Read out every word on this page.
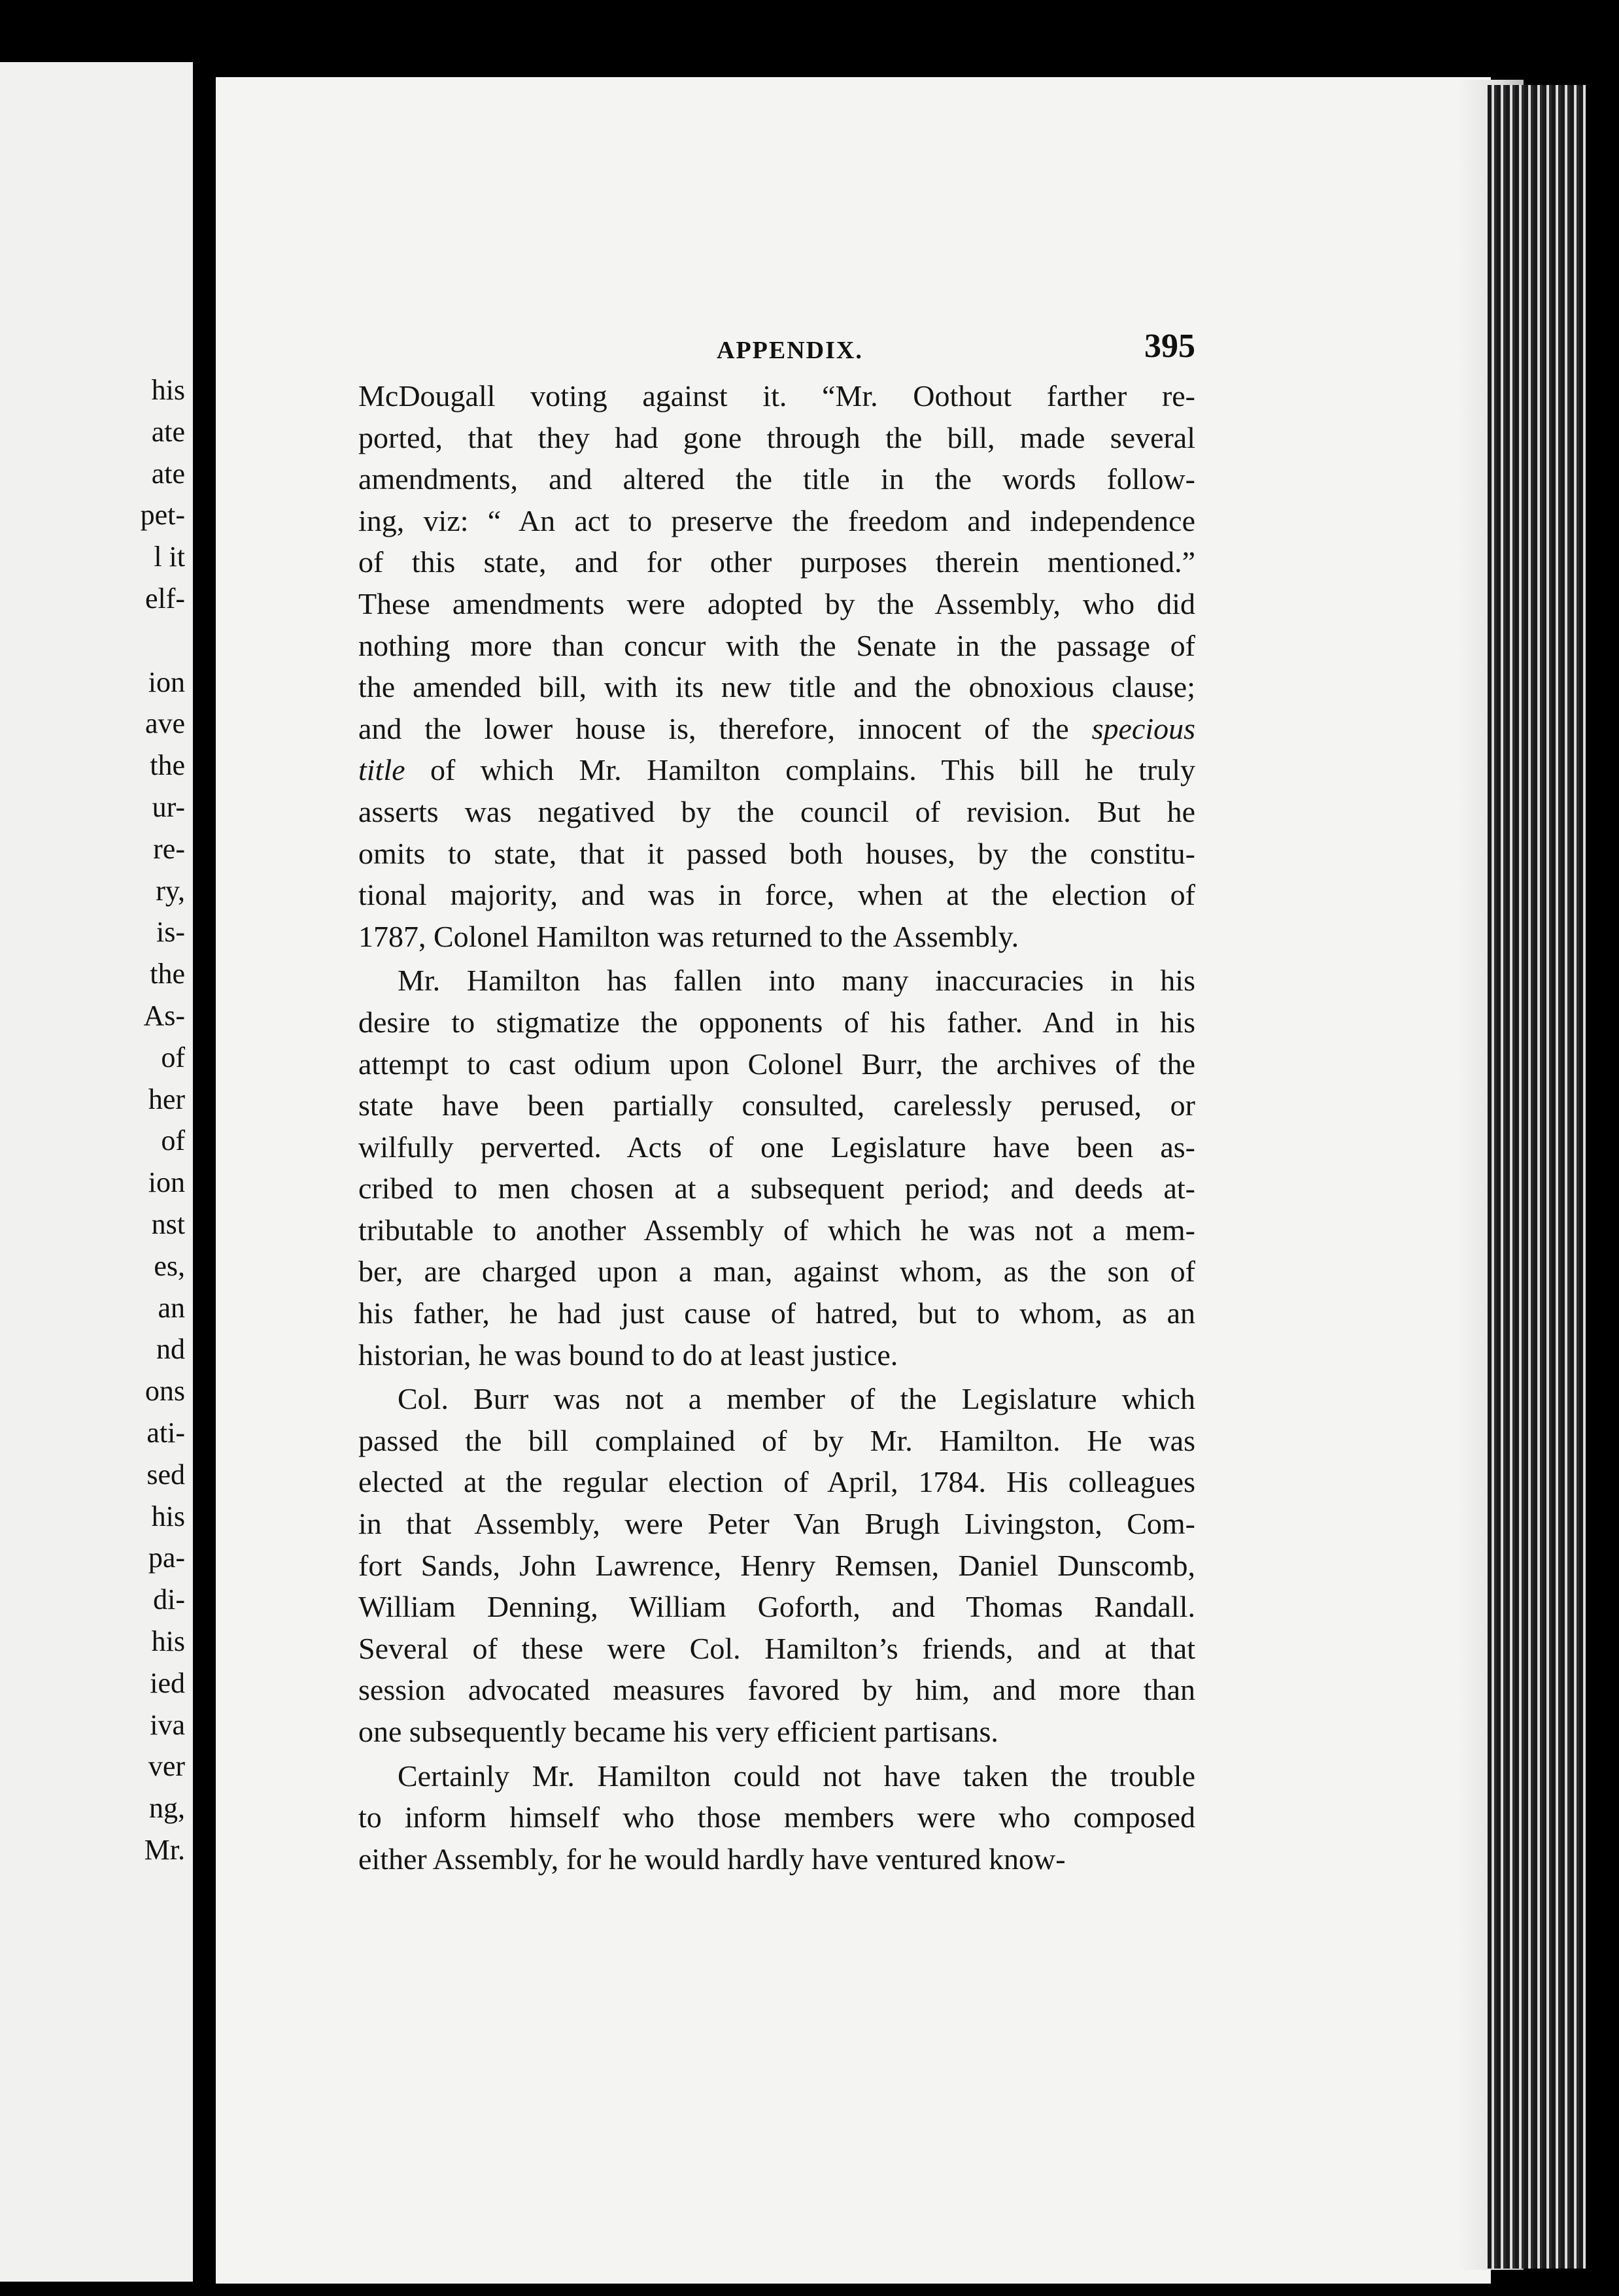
his
ate
ate
pet-
l it
elf-
ion
ave
the
ur-
re-
ry,
is-
the
As-
of
her
of
ion
nst
es,
an
nd
ons
ati-
sed
his
pa-
di-
his
ied
iva
ver
ng,
Mr.
APPENDIX.	395
McDougall voting against it. “Mr. Oothout farther re-
ported, that they had gone through the bill, made several
amendments, and altered the title in the words follow-
ing, viz: “ An act to preserve the freedom and independence
of this state, and for other purposes therein mentioned.”
These amendments were adopted by the Assembly, who did
nothing more than concur with the Senate in the passage of
the amended bill, with its new title and the obnoxious clause;
and the lower house is, therefore, innocent of the specious
title of which Mr. Hamilton complains. This bill he truly
asserts was negatived by the council of revision. But he
omits to state, that it passed both houses, by the constitu-
tional majority, and was in force, when at the election of
1787, Colonel Hamilton was returned to the Assembly.
Mr. Hamilton has fallen into many inaccuracies in his
desire to stigmatize the opponents of his father. And in his
attempt to cast odium upon Colonel Burr, the archives of the
state have been partially consulted, carelessly perused, or
wilfully perverted. Acts of one Legislature have been as-
cribed to men chosen at a subsequent period; and deeds at-
tributable to another Assembly of which he was not a mem-
ber, are charged upon a man, against whom, as the son of
his father, he had just cause of hatred, but to whom, as an
historian, he was bound to do at least justice.
Col. Burr was not a member of the Legislature which
passed the bill complained of by Mr. Hamilton. He was
elected at the regular election of April, 1784. His colleagues
in that Assembly, were Peter Van Brugh Livingston, Com-
fort Sands, John Lawrence, Henry Remsen, Daniel Dunscomb,
William Denning, William Goforth, and Thomas Randall.
Several of these were Col. Hamilton’s friends, and at that
session advocated measures favored by him, and more than
one subsequently became his very efficient partisans.
Certainly Mr. Hamilton could not have taken the trouble
to inform himself who those members were who composed
either Assembly, for he would hardly have ventured know-
